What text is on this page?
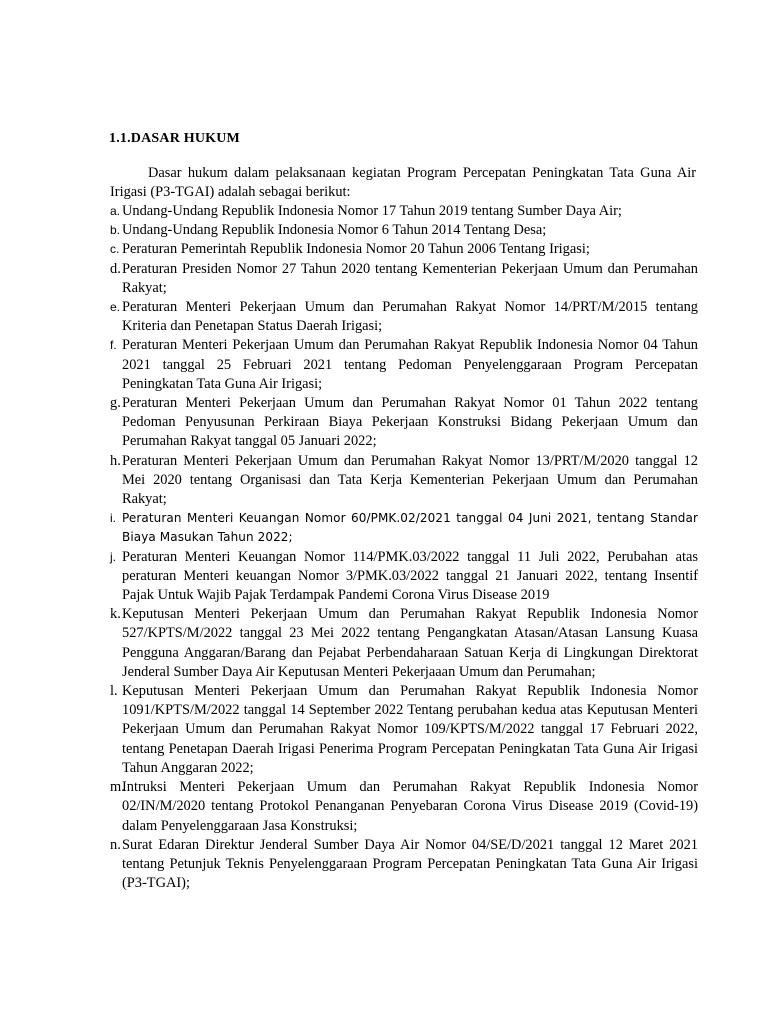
1.1.DASAR HUKUM

Dasar hukum dalam pelaksanaan kegiatan Program Percepatan Peningkatan Tata Guna Air Irigasi (P3-TGAI) adalah sebagai berikut:

a. Undang-Undang Republik Indonesia Nomor 17 Tahun 2019 tentang Sumber Daya Air;
b. Undang-Undang Republik Indonesia Nomor 6 Tahun 2014 Tentang Desa;
c. Peraturan Pemerintah Republik Indonesia Nomor 20 Tahun 2006 Tentang Irigasi;
d. Peraturan Presiden Nomor 27 Tahun 2020 tentang Kementerian Pekerjaan Umum dan Perumahan Rakyat;
e. Peraturan Menteri Pekerjaan Umum dan Perumahan Rakyat Nomor 14/PRT/M/2015 tentang Kriteria dan Penetapan Status Daerah Irigasi;
f. Peraturan Menteri Pekerjaan Umum dan Perumahan Rakyat Republik Indonesia Nomor 04 Tahun 2021 tanggal 25 Februari 2021 tentang Pedoman Penyelenggaraan Program Percepatan Peningkatan Tata Guna Air Irigasi;
g. Peraturan Menteri Pekerjaan Umum dan Perumahan Rakyat Nomor 01 Tahun 2022 tentang Pedoman Penyusunan Perkiraan Biaya Pekerjaan Konstruksi Bidang Pekerjaan Umum dan Perumahan Rakyat tanggal 05 Januari 2022;
h. Peraturan Menteri Pekerjaan Umum dan Perumahan Rakyat Nomor 13/PRT/M/2020 tanggal 12 Mei 2020 tentang Organisasi dan Tata Kerja Kementerian Pekerjaan Umum dan Perumahan Rakyat;
i. Peraturan Menteri Keuangan Nomor 60/PMK.02/2021 tanggal 04 Juni 2021, tentang Standar Biaya Masukan Tahun 2022;
j. Peraturan Menteri Keuangan Nomor 114/PMK.03/2022 tanggal 11 Juli 2022, Perubahan atas peraturan Menteri keuangan Nomor 3/PMK.03/2022 tanggal 21 Januari 2022, tentang Insentif Pajak Untuk Wajib Pajak Terdampak Pandemi Corona Virus Disease 2019
k. Keputusan Menteri Pekerjaan Umum dan Perumahan Rakyat Republik Indonesia Nomor 527/KPTS/M/2022 tanggal 23 Mei 2022 tentang Pengangkatan Atasan/Atasan Lansung Kuasa Pengguna Anggaran/Barang dan Pejabat Perbendaharaan Satuan Kerja di Lingkungan Direktorat Jenderal Sumber Daya Air Keputusan Menteri Pekerjaaan Umum dan Perumahan;
l. Keputusan Menteri Pekerjaan Umum dan Perumahan Rakyat Republik Indonesia Nomor 1091/KPTS/M/2022 tanggal 14 September 2022 Tentang perubahan kedua atas Keputusan Menteri Pekerjaan Umum dan Perumahan Rakyat Nomor 109/KPTS/M/2022 tanggal 17 Februari 2022, tentang Penetapan Daerah Irigasi Penerima Program Percepatan Peningkatan Tata Guna Air Irigasi Tahun Anggaran 2022;
m.
Intruksi Menteri Pekerjaan Umum dan Perumahan Rakyat Republik Indonesia Nomor 02/IN/M/2020 tentang Protokol Penanganan Penyebaran Corona Virus Disease 2019 (Covid-19) dalam Penyelenggaraan Jasa Konstruksi;
n. Surat Edaran Direktur Jenderal Sumber Daya Air Nomor 04/SE/D/2021 tanggal 12 Maret 2021 tentang Petunjuk Teknis Penyelenggaraan Program Percepatan Peningkatan Tata Guna Air Irigasi (P3-TGAI);
